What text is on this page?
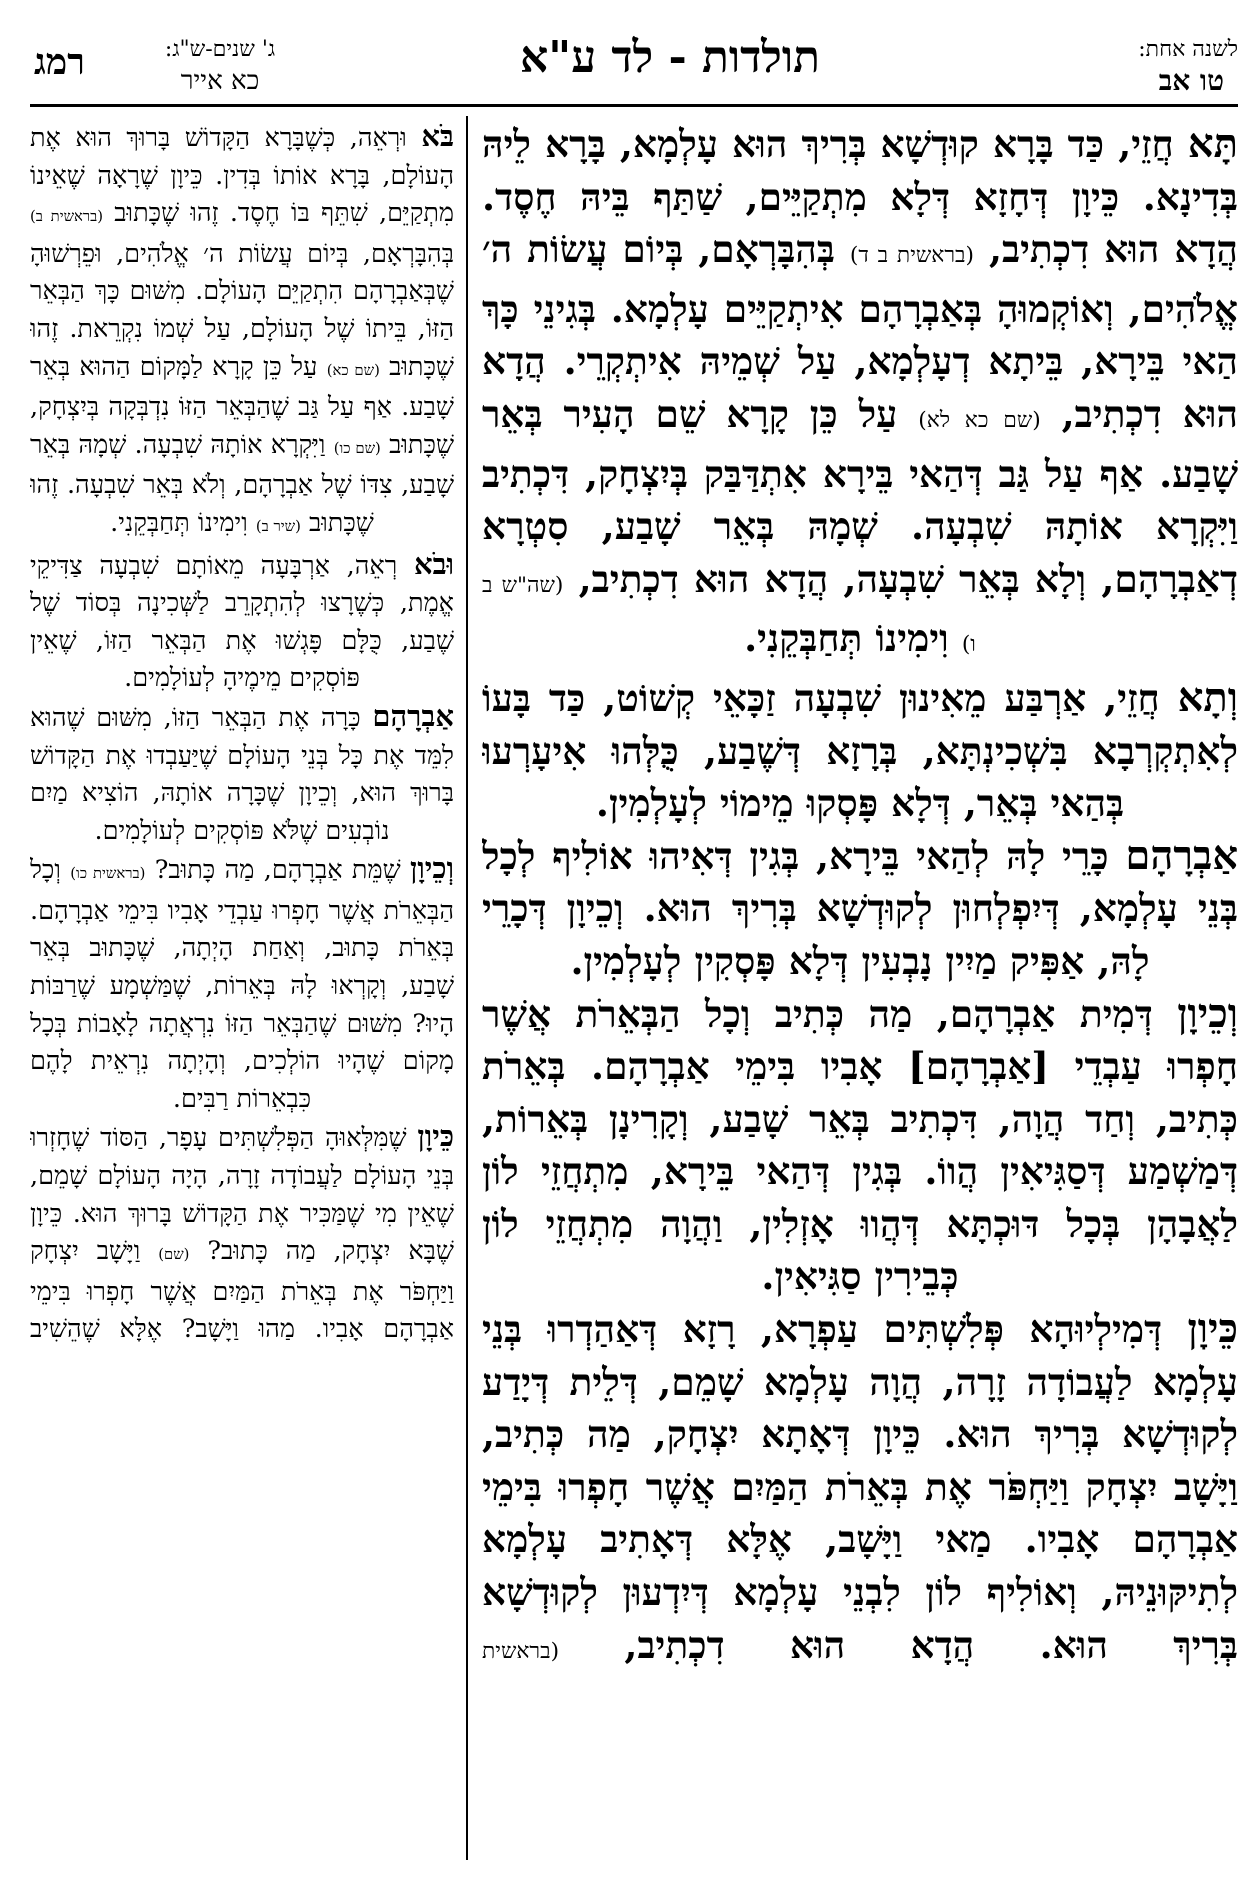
לשנה אחת:
טו אב
תולדות - לד ע"א
ג' שנים-ש"ג:
כא אייר
רמג

תָּא חֲזֵי, כַּד בָּרָא קוּדְשָׁא בְּרִיךְ הוּא עָלְמָא, בָּרָא לֵיהּ בְּדִינָא. כֵּיוָן דְּחָזָא דְּלָא מִתְקַיֵּים, שַׁתַּף בֵּיהּ חֶסֶד. הֲדָא הוּא דִכְתִיב, (בראשית ב ד) בְּהִבָּרְאָם, בְּיוֹם עֲשׂוֹת ה׳ אֱלֹהִים, וְאוֹקְמוּהָ בְּאַבְרָהָם אִיתְקַיֵּים עָלְמָא. בְּגִינֵי כָּךְ הַאי בֵּירָא, בֵּיתָא דְעָלְמָא, עַל שְׁמֵיהּ אִיתְקְרֵי. הֲדָא הוּא דִכְתִיב, (שם כא לא) עַל כֵּן קָרָא שֵׁם הָעִיר בְּאֵר שָׁבַע. אַף עַל גַּב דְּהַאי בֵּירָא אִתְדַּבַּק בְּיִצְחָק, דִּכְתִיב וַיִּקְרָא אוֹתָהּ שִׁבְעָה. שְׁמָהּ בְּאֵר שָׁבַע, סִטְרָא דְאַבְרָהָם, וְלָא בְּאֵר שִׁבְעָה, הֲדָא הוּא דִכְתִיב, (שה"ש ב ו) וִימִינוֹ תְּחַבְּקֵנִי.

וְתָא חֲזֵי, אַרְבַּע מֵאִינוּן שִׁבְעָה זַכָּאֵי קְשׁוֹט, כַּד בָּעוֹ לְאִתְקְרְבָא בִּשְׁכִינְתָּא, בְּרָזָא דְּשֶׁבַע, כֻּלְּהוּ אִיעָרְעוּ בְּהַאי בְּאֵר, דְּלָא פָּסְקוּ מֵימוֹי לְעָלְמִין.

אַבְרָהָם כָּרֵי לָהּ לְהַאי בֵּירָא, בְּגִין דְּאִיהוּ אוֹלִיף לְכָל בְּנֵי עָלְמָא, דְּיִפְלְחוּן לְקוּדְשָׁא בְּרִיךְ הוּא. וְכֵיוָן דְּכָרֵי לָהּ, אַפִּיק מַיִין נָבְעִין דְּלָא פָּסְקִין לְעָלְמִין.

וְכֵיוָן דְּמִית אַבְרָהָם, מַה כְּתִיב וְכָל הַבְּאֵרֹת אֲשֶׁר חָפְרוּ עַבְדֵי [אַבְרָהָם] אָבִיו בִּימֵי אַבְרָהָם. בְּאֵרֹת כְּתִיב, וְחַד הֲוָה, דִּכְתִיב בְּאֵר שָׁבַע, וְקָרִינָן בְּאֵרוֹת, דְּמַשְׁמַע דְּסַגִּיאִין הֲווֹ. בְּגִין דְּהַאי בֵּירָא, מִתְחֲזֵי לוֹן לַאֲבָהָן בְּכָל דּוּכְתָּא דְּהֲווּ אָזְלִין, וַהֲוָה מִתְחֲזֵי לוֹן כְּבֵירִין סַגִּיאִין.

כֵּיוָן דְּמִילְיוּהָא פְּלִשְׁתִּים עַפְרָא, רָזָא דְּאַהַדְרוּ בְּנֵי עָלְמָא לַעֲבוֹדָה זָרָה, הֲוָה עָלְמָא שָׁמֵם, דְּלֵית דְּיָדַע לְקוּדְשָׁא בְּרִיךְ הוּא. כֵּיוָן דְּאָתָא יִצְחָק, מַה כְּתִיב, וַיָּשָׁב יִצְחָק וַיַּחְפֹּר אֶת בְּאֵרֹת הַמַּיִם אֲשֶׁר חָפְרוּ בִּימֵי אַבְרָהָם אָבִיו. מַאי וַיָּשָׁב, אֶלָּא דְּאָתִיב עָלְמָא לְתִיקּוּנֵיהּ, וְאוֹלִיף לוֹן לִבְנֵי עָלְמָא דְּיִדְעוּן לְקוּדְשָׁא בְּרִיךְ הוּא. הֲדָא הוּא דִכְתִיב, (בראשית

בֹּא וּרְאֵה, כְּשֶׁבָּרָא הַקָּדוֹשׁ בָּרוּךְ הוּא אֶת הָעוֹלָם, בָּרָא אוֹתוֹ בְּדִין. כֵּיוָן שֶׁרָאָה שֶׁאֵינוֹ מִתְקַיֵּם, שִׁתֵּף בּוֹ חֶסֶד. זֶהוּ שֶׁכָּתוּב (בראשית ב) בְּהִבָּרְאָם, בְּיוֹם עֲשׂוֹת ה׳ אֱלֹהִים, וּפֵרְשׁוּהָ שֶׁבְּאַבְרָהָם הִתְקַיֵּם הָעוֹלָם. מִשּׁוּם כָּךְ הַבְּאֵר הַזּוֹ, בֵּיתוֹ שֶׁל הָעוֹלָם, עַל שְׁמוֹ נִקְרֵאת. זֶהוּ שֶׁכָּתוּב (שם כא) עַל כֵּן קָרָא לַמָּקוֹם הַהוּא בְּאֵר שָׁבַע. אַף עַל גַּב שֶׁהַבְּאֵר הַזּוֹ נִדְבְּקָה בְּיִצְחָק, שֶׁכָּתוּב (שם כו) וַיִּקְרָא אוֹתָהּ שִׁבְעָה. שְׁמָהּ בְּאֵר שָׁבַע, צִדּוֹ שֶׁל אַבְרָהָם, וְלֹא בְּאֵר שִׁבְעָה. זֶהוּ שֶׁכָּתוּב (שיר ב) וִימִינוֹ תְּחַבְּקֵנִי.

וּבֹא רְאֵה, אַרְבָּעָה מֵאוֹתָם שִׁבְעָה צַדִּיקֵי אֱמֶת, כְּשֶׁרָצוּ לְהִתְקָרֵב לַשְּׁכִינָה בְּסוֹד שֶׁל שֶׁבַע, כֻּלָּם פָּגְשׁוּ אֶת הַבְּאֵר הַזּוֹ, שֶׁאֵין פּוֹסְקִים מֵימֶיהָ לְעוֹלָמִים.

אַבְרָהָם כָּרָה אֶת הַבְּאֵר הַזּוֹ, מִשּׁוּם שֶׁהוּא לִמֵּד אֶת כָּל בְּנֵי הָעוֹלָם שֶׁיַּעַבְדוּ אֶת הַקָּדוֹשׁ בָּרוּךְ הוּא, וְכֵיוָן שֶׁכָּרָה אוֹתָהּ, הוֹצִיא מַיִם נוֹבְעִים שֶׁלֹּא פּוֹסְקִים לְעוֹלָמִים.

וְכֵיוָן שֶׁמֵּת אַבְרָהָם, מַה כָּתוּב? (בראשית כו) וְכָל הַבְּאֵרֹת אֲשֶׁר חָפְרוּ עַבְדֵי אָבִיו בִּימֵי אַבְרָהָם. בְּאֵרֹת כָּתוּב, וְאַחַת הָיְתָה, שֶׁכָּתוּב בְּאֵר שָׁבַע, וְקָרְאוּ לָהּ בְּאֵרוֹת, שֶׁמַּשְׁמָע שֶׁרַבּוֹת הָיוּ? מִשּׁוּם שֶׁהַבְּאֵר הַזּוֹ נִרְאֲתָה לָאָבוֹת בְּכָל מָקוֹם שֶׁהָיוּ הוֹלְכִים, וְהָיְתָה נִרְאֵית לָהֶם כִּבְאֵרוֹת רַבִּים.

כֵּיוָן שֶׁמִּלְּאוּהָ הַפְּלִשְׁתִּים עָפָר, הַסּוֹד שֶׁחָזְרוּ בְּנֵי הָעוֹלָם לַעֲבוֹדָה זָרָה, הָיָה הָעוֹלָם שָׁמֵם, שֶׁאֵין מִי שֶׁמַּכִּיר אֶת הַקָּדוֹשׁ בָּרוּךְ הוּא. כֵּיוָן שֶׁבָּא יִצְחָק, מַה כָּתוּב? (שם) וַיָּשָׁב יִצְחָק וַיַּחְפֹּר אֶת בְּאֵרֹת הַמַּיִם אֲשֶׁר חָפְרוּ בִּימֵי אַבְרָהָם אָבִיו. מַהוּ וַיָּשָׁב? אֶלָּא שֶׁהֵשִׁיב
